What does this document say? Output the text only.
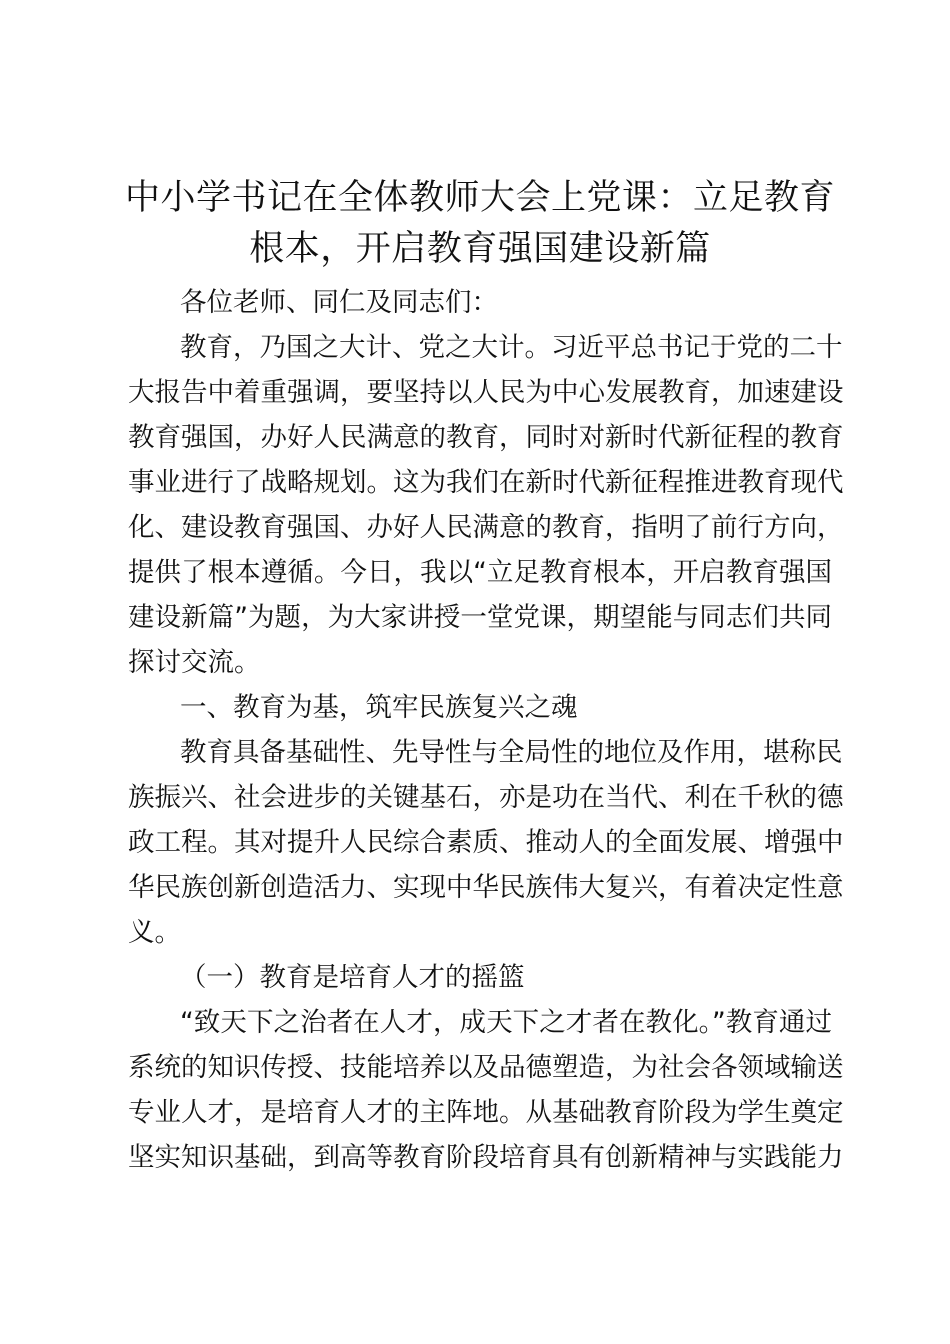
中小学书记在全体教师大会上党课：立足教育
根本，开启教育强国建设新篇
各位老师、同仁及同志们：
教育，乃国之大计、党之大计。习近平总书记于党的二十
大报告中着重强调，要坚持以人民为中心发展教育，加速建设
教育强国，办好人民满意的教育，同时对新时代新征程的教育
事业进行了战略规划。这为我们在新时代新征程推进教育现代
化、建设教育强国、办好人民满意的教育，指明了前行方向，
提供了根本遵循。今日，我以“立足教育根本，开启教育强国
建设新篇”为题，为大家讲授一堂党课，期望能与同志们共同
探讨交流。
一、教育为基，筑牢民族复兴之魂
教育具备基础性、先导性与全局性的地位及作用，堪称民
族振兴、社会进步的关键基石，亦是功在当代、利在千秋的德
政工程。其对提升人民综合素质、推动人的全面发展、增强中
华民族创新创造活力、实现中华民族伟大复兴，有着决定性意
义。
（一）教育是培育人才的摇篮
“致天下之治者在人才，成天下之才者在教化。”教育通过
系统的知识传授、技能培养以及品德塑造，为社会各领域输送
专业人才，是培育人才的主阵地。从基础教育阶段为学生奠定
坚实知识基础，到高等教育阶段培育具有创新精神与实践能力
